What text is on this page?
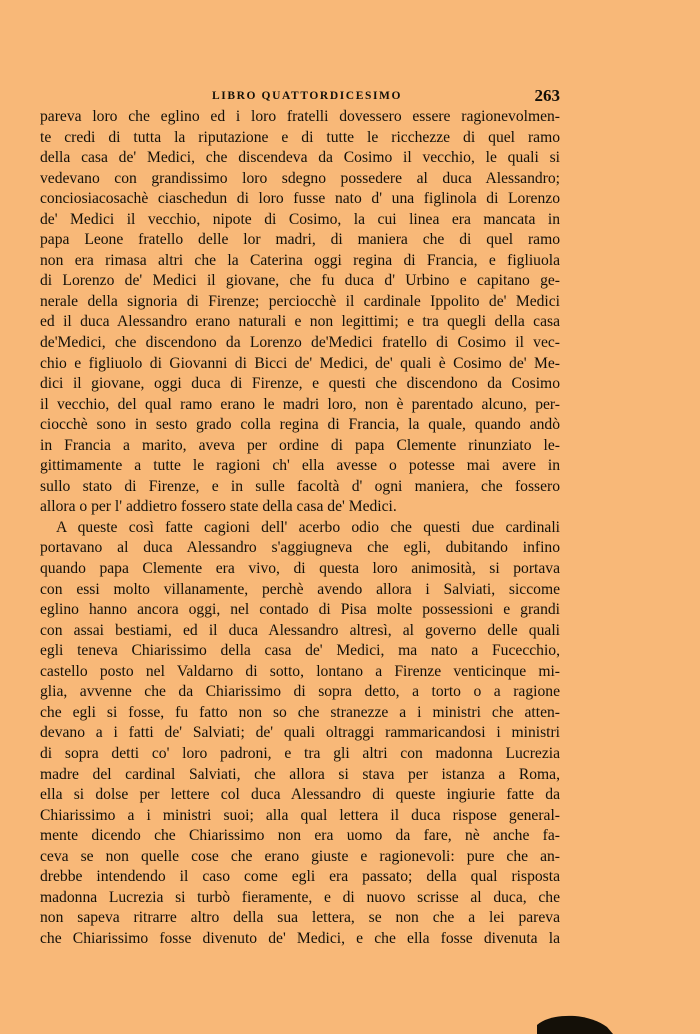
LIBRO QUATTORDICESIMO	263
pareva loro che eglino ed i loro fratelli dovessero essere ragionevolmen-
te credi di tutta la riputazione e di tutte le ricchezze di quel ramo
della casa de' Medici, che discendeva da Cosimo il vecchio, le quali si
vedevano con grandissimo loro sdegno possedere al duca Alessandro;
conciosiacosachè ciaschedun di loro fusse nato d' una figlinola di Lorenzo
de' Medici il vecchio, nipote di Cosimo, la cui linea era mancata in
papa Leone fratello delle lor madri, di maniera che di quel ramo
non era rimasa altri che la Caterina oggi regina di Francia, e figliuola
di Lorenzo de' Medici il giovane, che fu duca d' Urbino e capitano ge-
nerale della signoria di Firenze; perciocchè il cardinale Ippolito de' Medici
ed il duca Alessandro erano naturali e non legittimi; e tra quegli della casa
de'Medici, che discendono da Lorenzo de'Medici fratello di Cosimo il vec-
chio e figliuolo di Giovanni di Bicci de' Medici, de' quali è Cosimo de' Me-
dici il giovane, oggi duca di Firenze, e questi che discendono da Cosimo
il vecchio, del qual ramo erano le madri loro, non è parentado alcuno, per-
ciocchè sono in sesto grado colla regina di Francia, la quale, quando andò
in Francia a marito, aveva per ordine di papa Clemente rinunziato le-
gittimamente a tutte le ragioni ch' ella avesse o potesse mai avere in
sullo stato di Firenze, e in sulle facoltà d' ogni maniera, che fossero
allora o per l' addietro fossero state della casa de' Medici.
A queste così fatte cagioni dell' acerbo odio che questi due cardinali
portavano al duca Alessandro s'aggiugneva che egli, dubitando infino
quando papa Clemente era vivo, di questa loro animosità, si portava
con essi molto villanamente, perchè avendo allora i Salviati, siccome
eglino hanno ancora oggi, nel contado di Pisa molte possessioni e grandi
con assai bestiami, ed il duca Alessandro altresì, al governo delle quali
egli teneva Chiarissimo della casa de' Medici, ma nato a Fucecchio,
castello posto nel Valdarno di sotto, lontano a Firenze venticinque mi-
glia, avvenne che da Chiarissimo di sopra detto, a torto o a ragione
che egli si fosse, fu fatto non so che stranezze a i ministri che atten-
devano a i fatti de' Salviati; de' quali oltraggi rammaricandosi i ministri
di sopra detti co' loro padroni, e tra gli altri con madonna Lucrezia
madre del cardinal Salviati, che allora si stava per istanza a Roma,
ella si dolse per lettere col duca Alessandro di queste ingiurie fatte da
Chiarissimo a i ministri suoi; alla qual lettera il duca rispose general-
mente dicendo che Chiarissimo non era uomo da fare, nè anche fa-
ceva se non quelle cose che erano giuste e ragionevoli: pure che an-
drebbe intendendo il caso come egli era passato; della qual risposta
madonna Lucrezia si turbò fieramente, e di nuovo scrisse al duca, che
non sapeva ritrarre altro della sua lettera, se non che a lei pareva
che Chiarissimo fosse divenuto de' Medici, e che ella fosse divenuta la
